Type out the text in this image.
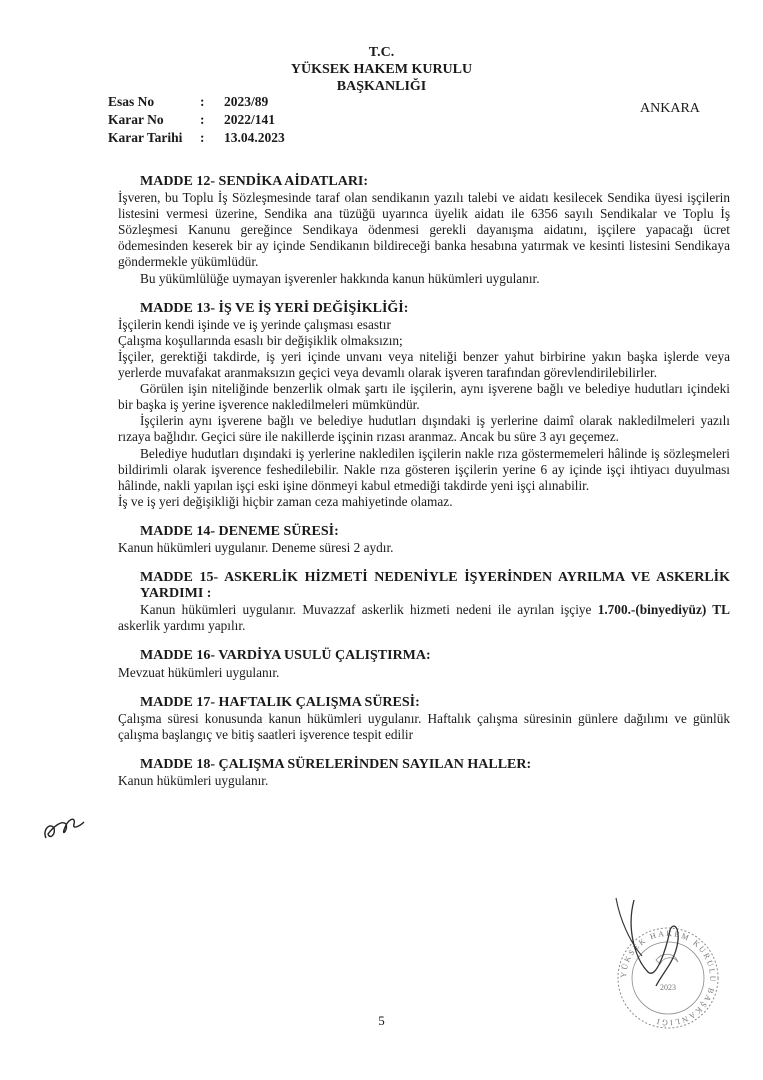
T.C.
YÜKSEK HAKEM KURULU
BAŞKANLIĞI
Esas No	:	2023/89
Karar No	:	2022/141
Karar Tarihi	:	13.04.2023
ANKARA
MADDE 12- SENDİKA AİDATLARI:
İşveren, bu Toplu İş Sözleşmesinde taraf olan sendikanın yazılı talebi ve aidatı kesilecek Sendika üyesi işçilerin listesini vermesi üzerine, Sendika ana tüzüğü uyarınca üyelik aidatı ile 6356 sayılı Sendikalar ve Toplu İş Sözleşmesi Kanunu gereğince Sendikaya ödenmesi gerekli dayanışma aidatını, işçilere yapacağı ücret ödemesinden keserek bir ay içinde Sendikanın bildireceği banka hesabına yatırmak ve kesinti listesini Sendikaya göndermekle yükümlüdür.
Bu yükümlülüğe uymayan işverenler hakkında kanun hükümleri uygulanır.
MADDE 13- İŞ VE İŞ YERİ DEĞİŞİKLİĞİ:
İşçilerin kendi işinde ve iş yerinde çalışması esastır
Çalışma koşullarında esaslı bir değişiklik olmaksızın;
İşçiler, gerektiği takdirde, iş yeri içinde unvanı veya niteliği benzer yahut birbirine yakın başka işlerde veya yerlerde muvafakat aranmaksızın geçici veya devamlı olarak işveren tarafından görevlendirilebilirler.
Görülen işin niteliğinde benzerlik olmak şartı ile işçilerin, aynı işverene bağlı ve belediye hudutları içindeki bir başka iş yerine işverence nakledilmeleri mümkündür.
İşçilerin aynı işverene bağlı ve belediye hudutları dışındaki iş yerlerine daimî olarak nakledilmeleri yazılı rızaya bağlıdır. Geçici süre ile nakillerde işçinin rızası aranmaz. Ancak bu süre 3 ayı geçemez.
Belediye hudutları dışındaki iş yerlerine nakledilen işçilerin nakle rıza göstermemeleri hâlinde iş sözleşmeleri bildirimli olarak işverence feshedilebilir. Nakle rıza gösteren işçilerin yerine 6 ay içinde işçi ihtiyacı duyulması hâlinde, nakli yapılan işçi eski işine dönmeyi kabul etmediği takdirde yeni işçi alınabilir.
İş ve iş yeri değişikliği hiçbir zaman ceza mahiyetinde olamaz.
MADDE 14- DENEME SÜRESİ:
Kanun hükümleri uygulanır. Deneme süresi 2 aydır.
MADDE 15- ASKERLİK HİZMETİ NEDENİYLE İŞYERİNDEN AYRILMA VE ASKERLİK YARDIMI :
Kanun hükümleri uygulanır. Muvazzaf askerlik hizmeti nedeni ile ayrılan işçiye 1.700.-(binyediyüz) TL askerlik yardımı yapılır.
MADDE 16- VARDİYA USULÜ ÇALIŞTIRMA:
Mevzuat hükümleri uygulanır.
MADDE 17- HAFTALIK ÇALIŞMA SÜRESİ:
Çalışma süresi konusunda kanun hükümleri uygulanır. Haftalık çalışma süresinin günlere dağılımı ve günlük çalışma başlangıç ve bitiş saatleri işverence tespit edilir
MADDE 18- ÇALIŞMA SÜRELERİNDEN SAYILAN HALLER:
Kanun hükümleri uygulanır.
YÜKSEK HAKEM KURULU BAŞKANLIĞI
2023
5
